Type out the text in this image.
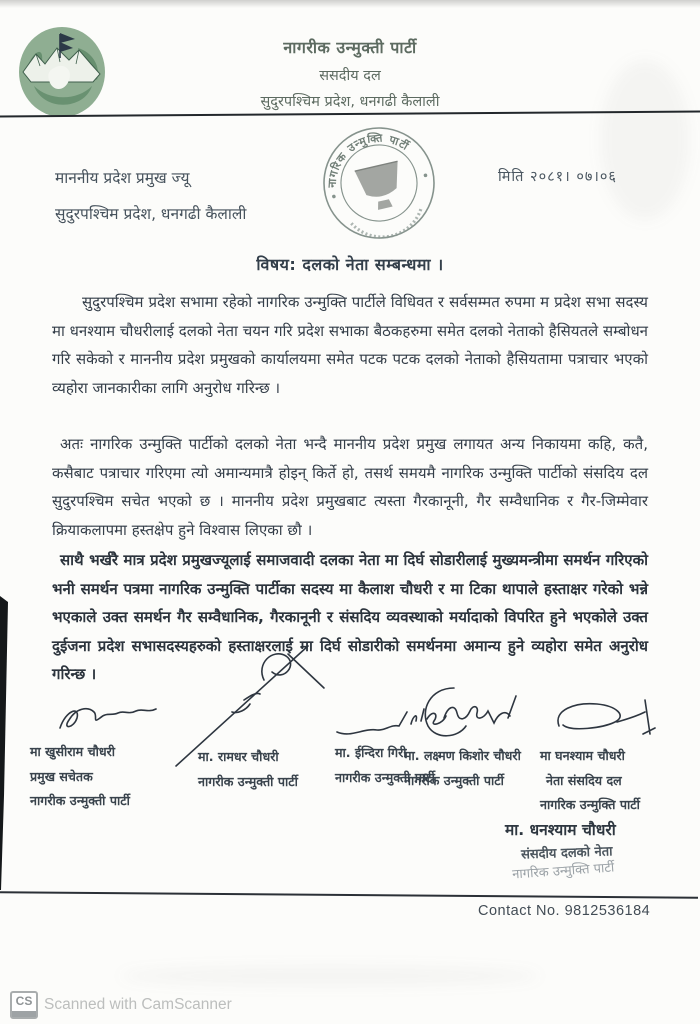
नागरीक उन्मुक्ती पार्टी
ससदीय दल
सुदुरपश्चिम प्रदेश, धनगढी कैलाली
नागरिक उन्मुक्ति पार्टी
माननीय प्रदेश प्रमुख ज्यू
सुदुरपश्चिम प्रदेश, धनगढी कैलाली
मिति २०८१। ०७।०६
विषय: दलको नेता सम्बन्धमा ।
सुदुरपश्चिम प्रदेश सभामा रहेको नागरिक उन्मुक्ति पार्टीले विधिवत र सर्वसम्मत रुपमा म प्रदेश सभा सदस्य मा धनश्याम चौधरीलाई दलको नेता चयन गरि प्रदेश सभाका बैठकहरुमा समेत दलको नेताको हैसियतले सम्बोधन गरि सकेको र माननीय प्रदेश प्रमुखको कार्यालयमा समेत पटक पटक दलको नेताको हैसियतामा पत्राचार भएको व्यहोरा जानकारीका लागि अनुरोध गरिन्छ ।
अतः नागरिक उन्मुक्ति पार्टीको दलको नेता भन्दै माननीय प्रदेश प्रमुख लगायत अन्य निकायमा कहि, कतै, कसैबाट पत्राचार गरिएमा त्यो अमान्यमात्रै होइन् किर्ते हो, तसर्थ समयमै नागरिक उन्मुक्ति पार्टीको संसदिय दल सुदुरपश्चिम सचेत भएको छ । माननीय प्रदेश प्रमुखबाट त्यस्ता गैरकानूनी, गैर सम्वैधानिक र गैर-जिम्मेवार क्रियाकलापमा हस्तक्षेप हुने विश्वास लिएका छौ ।
साथै भर्खरै मात्र प्रदेश प्रमुखज्यूलाई समाजवादी दलका नेता मा दिर्घ सोडारीलाई मुख्यमन्त्रीमा समर्थन गरिएको भनी समर्थन पत्रमा नागरिक उन्मुक्ति पार्टीका सदस्य मा कैलाश चौधरी र मा टिका थापाले हस्ताक्षर गरेको भन्ने भएकाले उक्त समर्थन गैर सम्वैधानिक, गैरकानूनी र संसदिय व्यवस्थाको मर्यादाको विपरित हुने भएकोले उक्त दुईजना प्रदेश सभासदस्यहरुको हस्ताक्षरलाई मा दिर्घ सोडारीको समर्थनमा अमान्य हुने व्यहोरा समेत अनुरोध गरिन्छ ।
मा खुसीराम चौधरी
प्रमुख सचेतक
नागरीक उन्मुक्ती पार्टी
मा. रामधर चौधरी
नागरीक उन्मुक्ती पार्टी
मा. ईन्दिरा गिरी
नागरीक उन्मुक्ती पार्टी
मा. लक्ष्मण किशोर चौधरी
नागरीक उन्मुक्ती पार्टी
मा घनश्याम चौधरी
नेता संसदिय दल
नागरिक उन्मुक्ति पार्टी
मा. धनश्याम चौधरी
संसदीय दलको नेता
नागरिक उन्मुक्ति पार्टी
Contact No. 9812536184
CS Scanned with CamScanner
